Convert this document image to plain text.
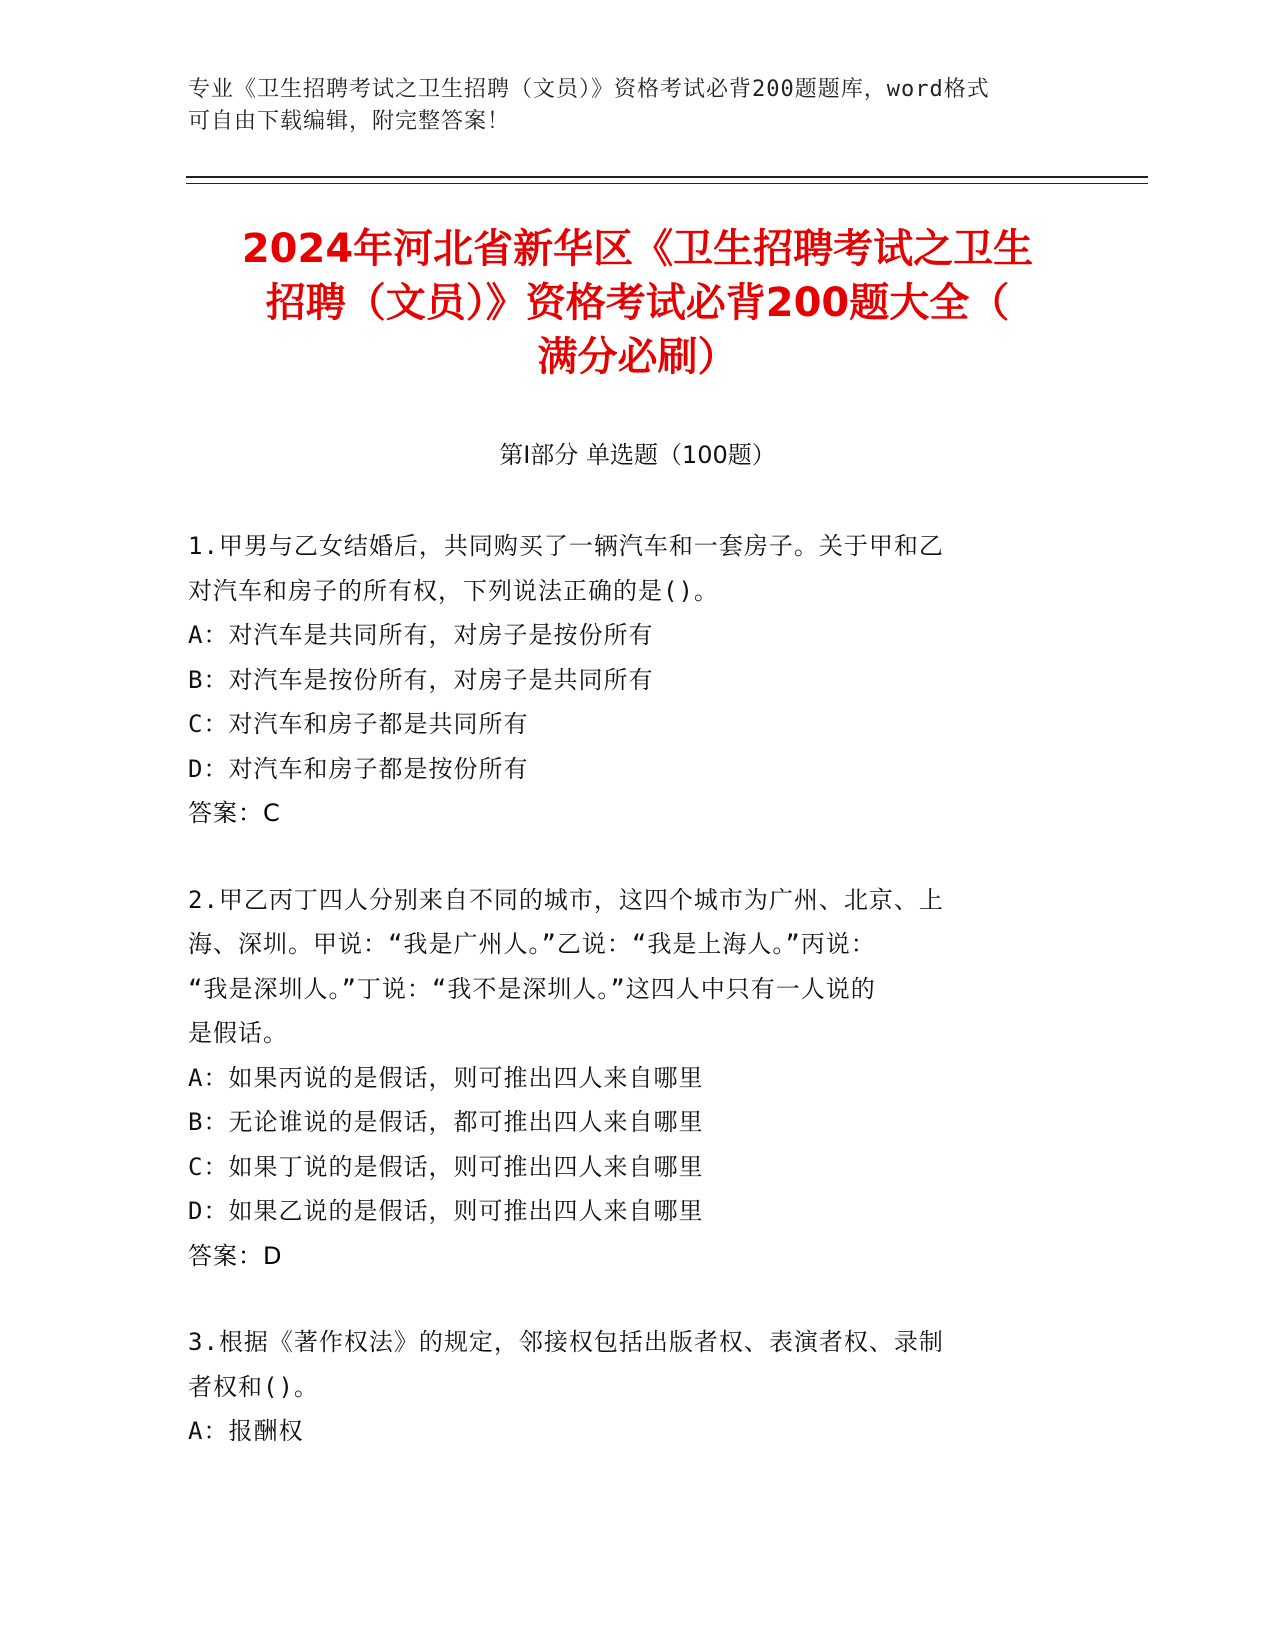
专业《卫生招聘考试之卫生招聘（文员）》资格考试必背200题题库，word格式
可自由下载编辑，附完整答案！
2024年河北省新华区《卫生招聘考试之卫生
招聘（文员）》资格考试必背200题大全（
满分必刷）
第Ⅰ部分 单选题（100题）
1.甲男与乙女结婚后，共同购买了一辆汽车和一套房子。关于甲和乙
对汽车和房子的所有权，下列说法正确的是()。
A：对汽车是共同所有，对房子是按份所有
B：对汽车是按份所有，对房子是共同所有
C：对汽车和房子都是共同所有
D：对汽车和房子都是按份所有
答案：C
2.甲乙丙丁四人分别来自不同的城市，这四个城市为广州、北京、上
海、深圳。甲说：“我是广州人。”乙说：“我是上海人。”丙说：
“我是深圳人。”丁说：“我不是深圳人。”这四人中只有一人说的
是假话。
A：如果丙说的是假话，则可推出四人来自哪里
B：无论谁说的是假话，都可推出四人来自哪里
C：如果丁说的是假话，则可推出四人来自哪里
D：如果乙说的是假话，则可推出四人来自哪里
答案：D
3.根据《著作权法》的规定，邻接权包括出版者权、表演者权、录制
者权和()。
A：报酬权
